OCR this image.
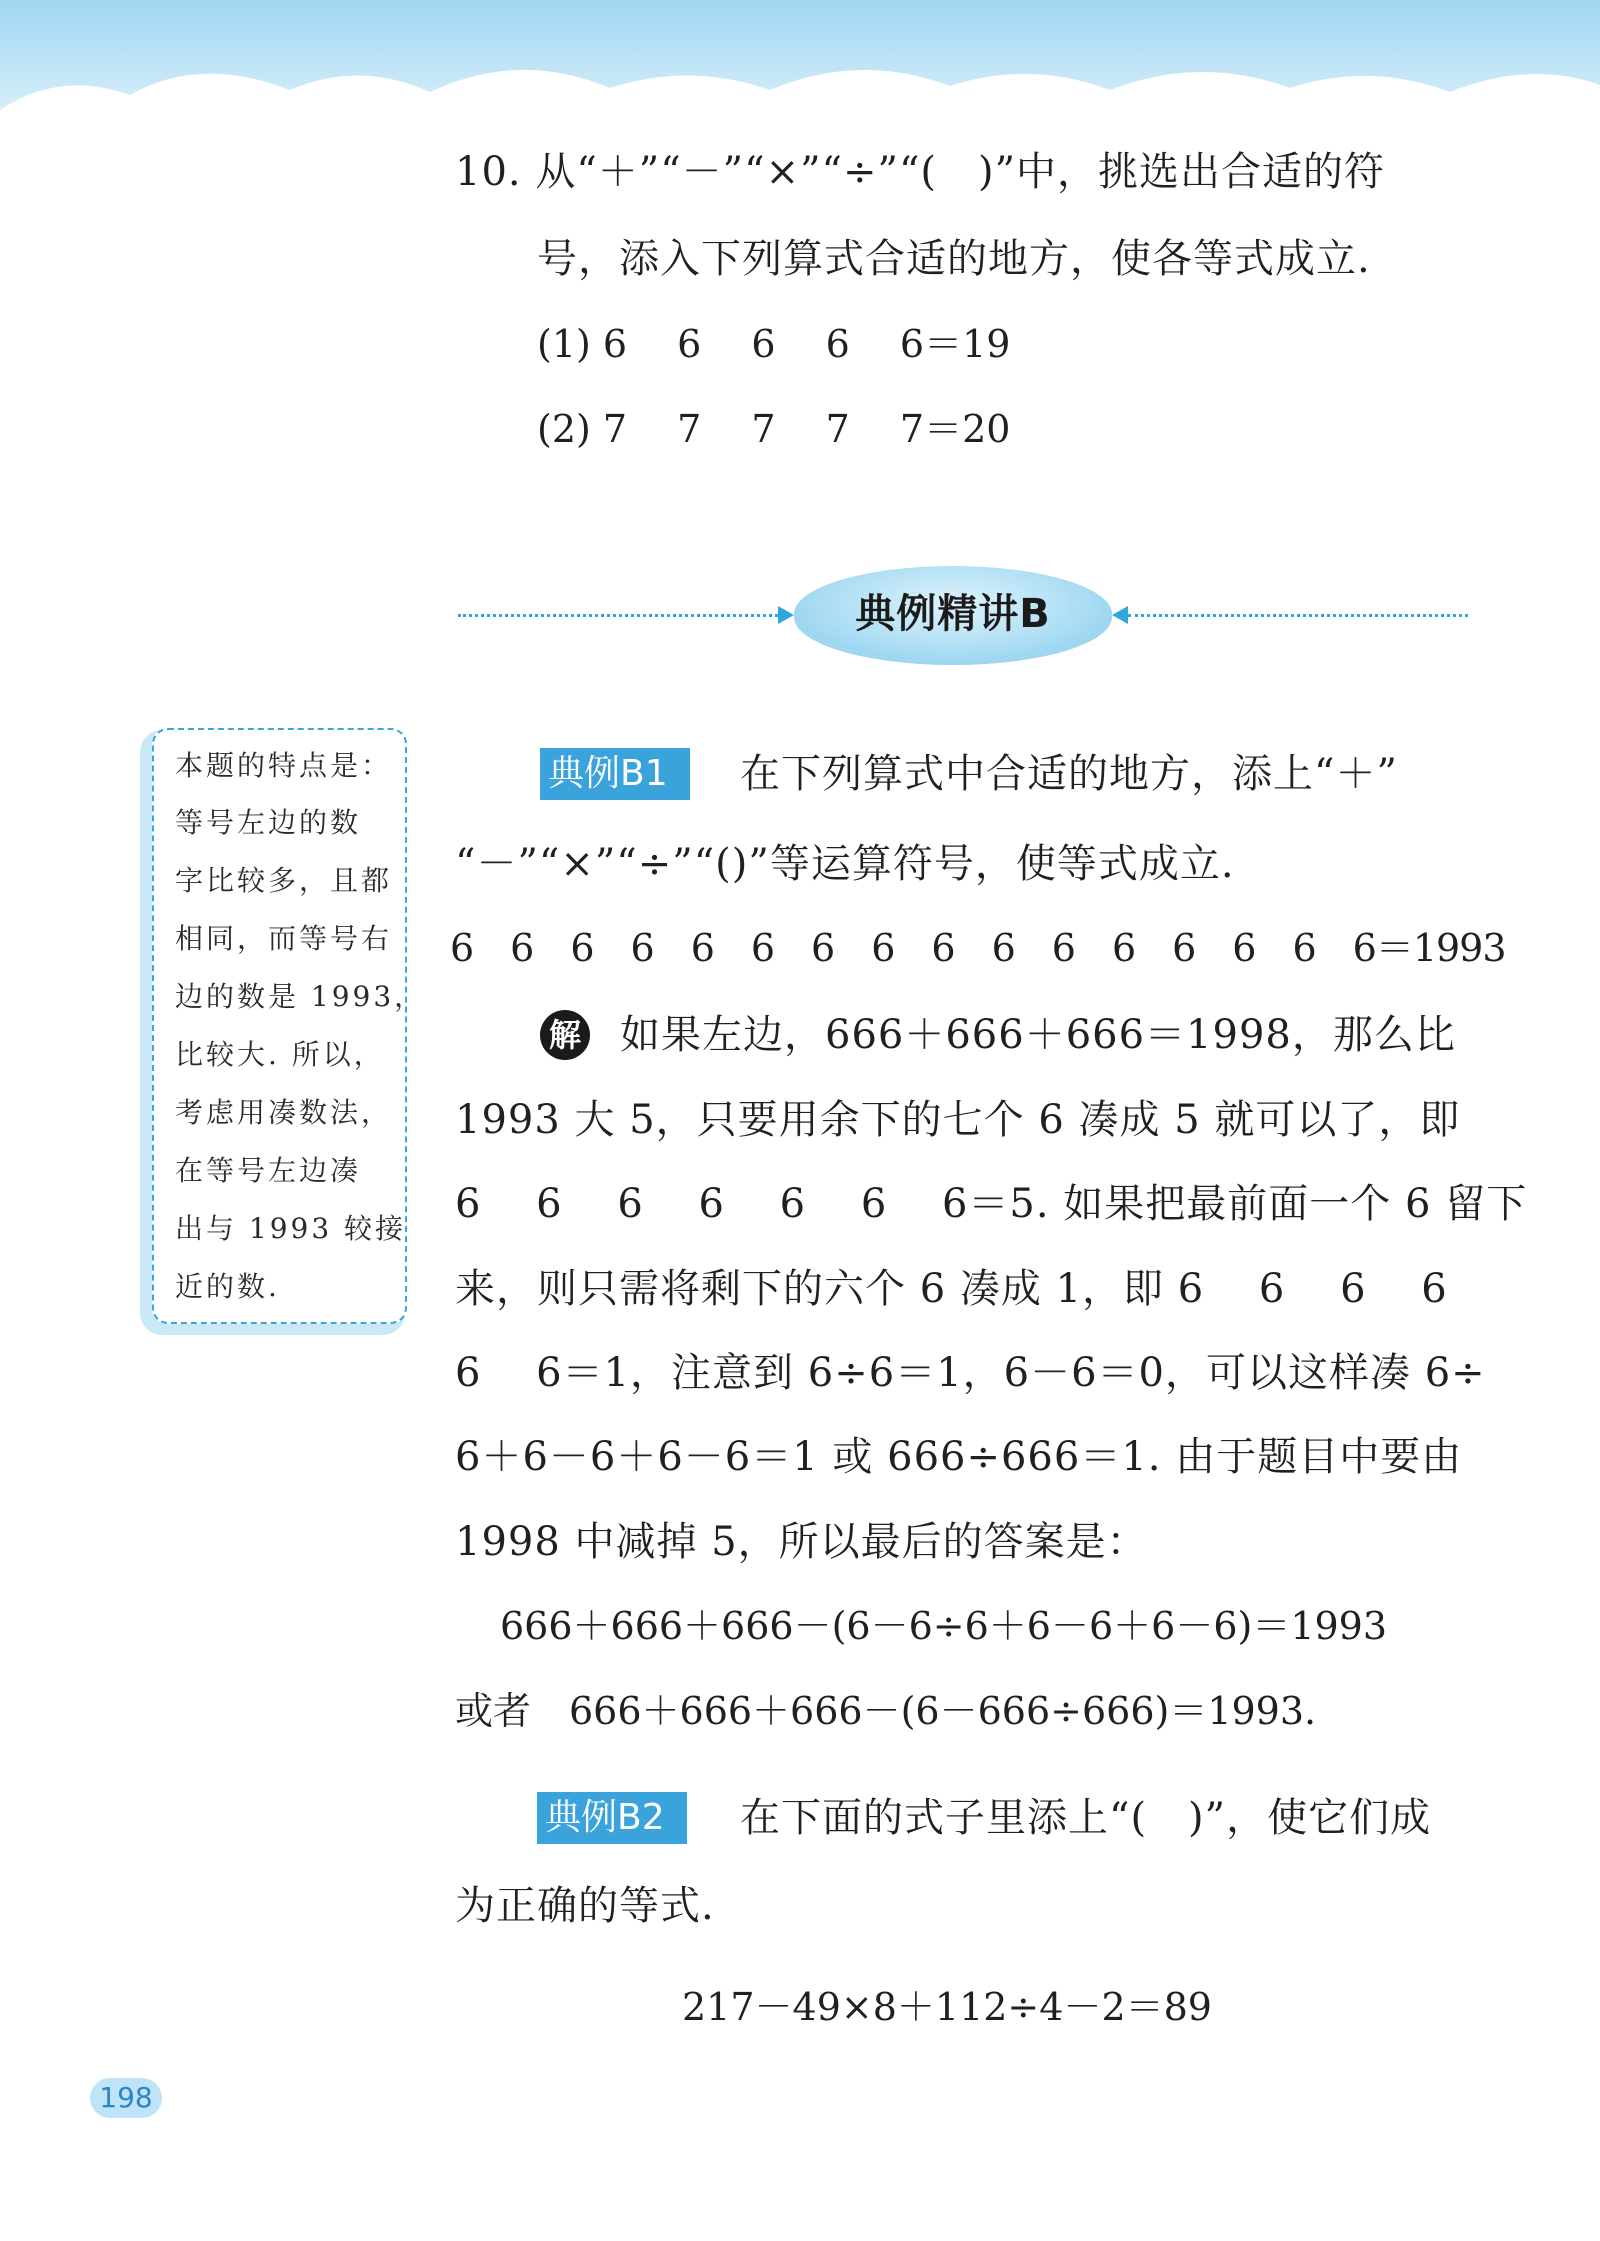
10. 从“＋”“－”“×”“÷”“(　)”中，挑选出合适的符
号，添入下列算式合适的地方，使各等式成立.
(1) 6　 6　 6　 6　 6＝19
(2) 7　 7　 7　 7　 7＝20
典例精讲B
本题的特点是：
等号左边的数
字比较多，且都
相同，而等号右
边的数是 1993，
比较大. 所以，
考虑用凑数法，
在等号左边凑
出与 1993 较接
近的数.
典例B1	在下列算式中合适的地方，添上“＋”
“－”“×”“÷”“()”等运算符号，使等式成立.
6　6　6　6　6　6　6　6　6　6　6　6　6　6　6　6＝1993
解 如果左边，666＋666＋666＝1998，那么比
1993 大 5，只要用余下的七个 6 凑成 5 就可以了，即
6　 6　 6　 6　 6　 6　 6＝5. 如果把最前面一个 6 留下
来，则只需将剩下的六个 6 凑成 1，即 6　 6　 6　 6
6　 6＝1，注意到 6÷6＝1，6－6＝0，可以这样凑 6÷
6＋6－6＋6－6＝1 或 666÷666＝1. 由于题目中要由
1998 中减掉 5，所以最后的答案是：
666＋666＋666－(6－6÷6＋6－6＋6－6)＝1993
或者　666＋666＋666－(6－666÷666)＝1993.
典例B2	在下面的式子里添上“(　)”，使它们成
为正确的等式.
217－49×8＋112÷4－2＝89
198
